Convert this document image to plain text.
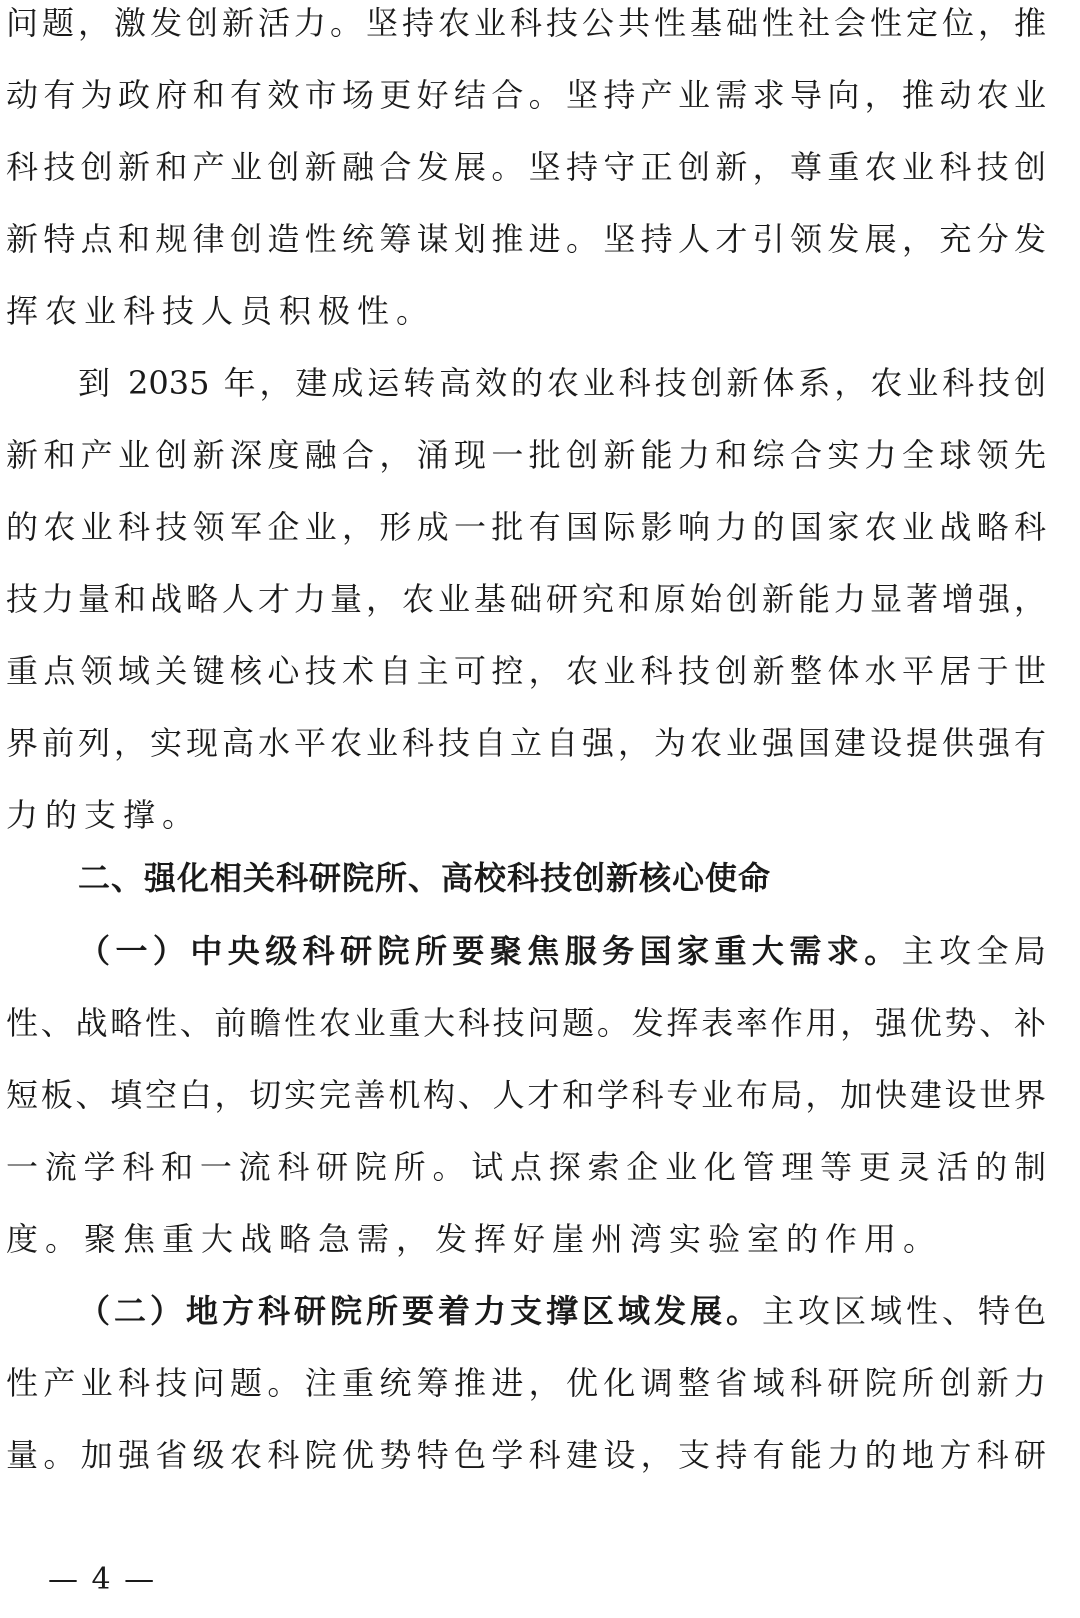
问题，激发创新活力。坚持农业科技公共性基础性社会性定位，推
动有为政府和有效市场更好结合。坚持产业需求导向，推动农业
科技创新和产业创新融合发展。坚持守正创新，尊重农业科技创
新特点和规律创造性统筹谋划推进。坚持人才引领发展，充分发
挥农业科技人员积极性。
到 2035 年，建成运转高效的农业科技创新体系，农业科技创
新和产业创新深度融合，涌现一批创新能力和综合实力全球领先
的农业科技领军企业，形成一批有国际影响力的国家农业战略科
技力量和战略人才力量，农业基础研究和原始创新能力显著增强，
重点领域关键核心技术自主可控，农业科技创新整体水平居于世
界前列，实现高水平农业科技自立自强，为农业强国建设提供强有
力的支撑。
二、强化相关科研院所、高校科技创新核心使命
（一）中央级科研院所要聚焦服务国家重大需求。主攻全局
性、战略性、前瞻性农业重大科技问题。发挥表率作用，强优势、补
短板、填空白，切实完善机构、人才和学科专业布局，加快建设世界
一流学科和一流科研院所。试点探索企业化管理等更灵活的制
度。聚焦重大战略急需，发挥好崖州湾实验室的作用。
（二）地方科研院所要着力支撑区域发展。主攻区域性、特色
性产业科技问题。注重统筹推进，优化调整省域科研院所创新力
量。加强省级农科院优势特色学科建设，支持有能力的地方科研
— 4 —
